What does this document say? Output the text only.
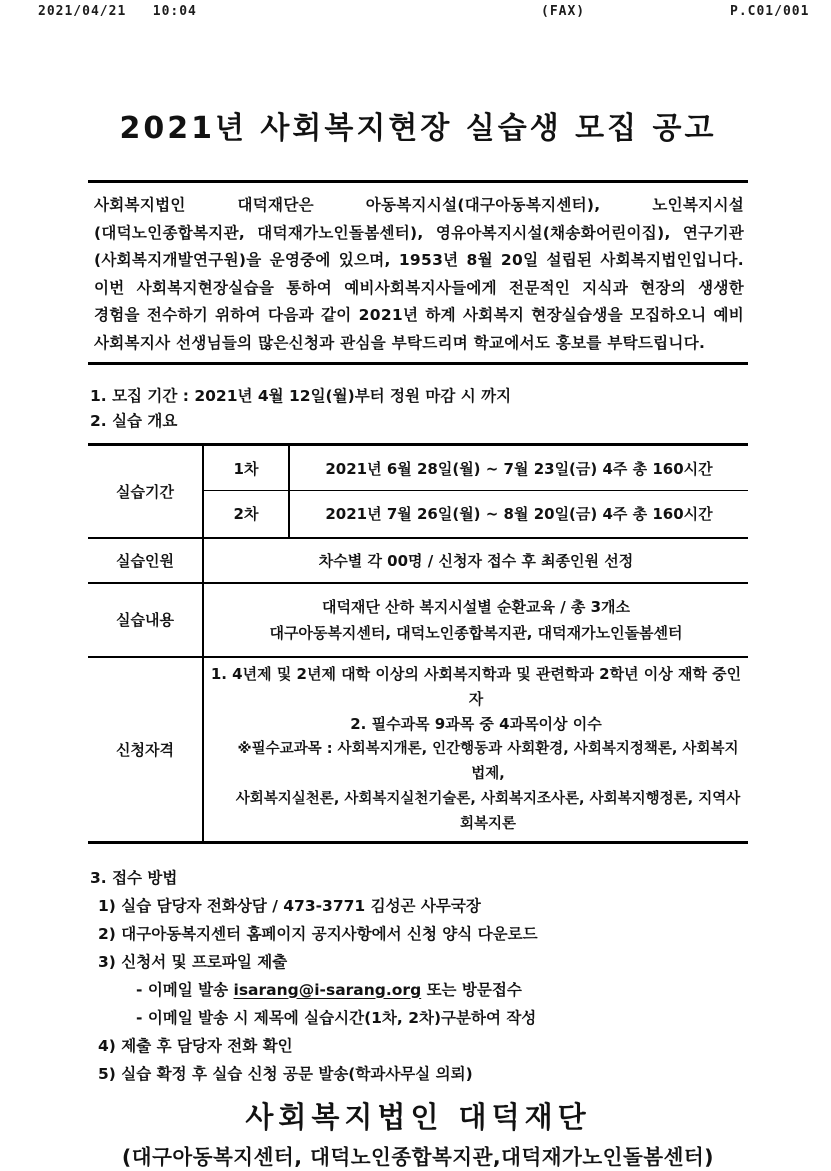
2021/04/21   10:04	(FAX)	P.C01/001
2021년 사회복지현장 실습생 모집 공고
사회복지법인 대덕재단은 아동복지시설(대구아동복지센터), 노인복지시설(대덕노인종합복지관, 대덕재가노인돌봄센터), 영유아복지시설(채송화어린이집), 연구기관(사회복지개발연구원)을 운영중에 있으며, 1953년 8월 20일 설립된 사회복지법인입니다. 이번 사회복지현장실습을 통하여 예비사회복지사들에게 전문적인 지식과 현장의 생생한 경험을 전수하기 위하여 다음과 같이 2021년 하계 사회복지 현장실습생을 모집하오니 예비 사회복지사 선생님들의 많은신청과 관심을 부탁드리며 학교에서도 홍보를 부탁드립니다.
1. 모집 기간 : 2021년 4월 12일(월)부터 정원 마감 시 까지
2. 실습 개요
실습기간	1차	2021년 6월 28일(월) ~ 7월 23일(금) 4주 총 160시간
	2차	2021년 7월 26일(월) ~ 8월 20일(금) 4주 총 160시간
실습인원	차수별 각 00명 / 신청자 접수 후 최종인원 선정	
실습내용	대덕재단 산하 복지시설별 순환교육 / 총 3개소
대구아동복지센터, 대덕노인종합복지관, 대덕재가노인돌봄센터	

신청자격	1. 4년제 및 2년제 대학 이상의 사회복지학과 및 관련학과 2학년 이상 재학 중인 자
2. 필수과목 9과목 중 4과목이상 이수
※필수교과목 : 사회복지개론, 인간행동과 사회환경, 사회복지정책론, 사회복지법제,
사회복지실천론, 사회복지실천기술론, 사회복지조사론, 사회복지행정론, 지역사회복지론	
3. 접수 방법
1) 실습 담당자 전화상담 / 473-3771 김성곤 사무국장
2) 대구아동복지센터 홈페이지 공지사항에서 신청 양식 다운로드
3) 신청서 및 프로파일 제출
- 이메일 발송 isarang@i-sarang.org 또는 방문접수
- 이메일 발송 시 제목에 실습시간(1차, 2차)구분하여 작성
4) 제출 후 담당자 전화 확인
5) 실습 확정 후 실습 신청 공문 발송(학과사무실 의뢰)
사회복지법인 대덕재단
(대구아동복지센터, 대덕노인종합복지관,대덕재가노인돌봄센터)
